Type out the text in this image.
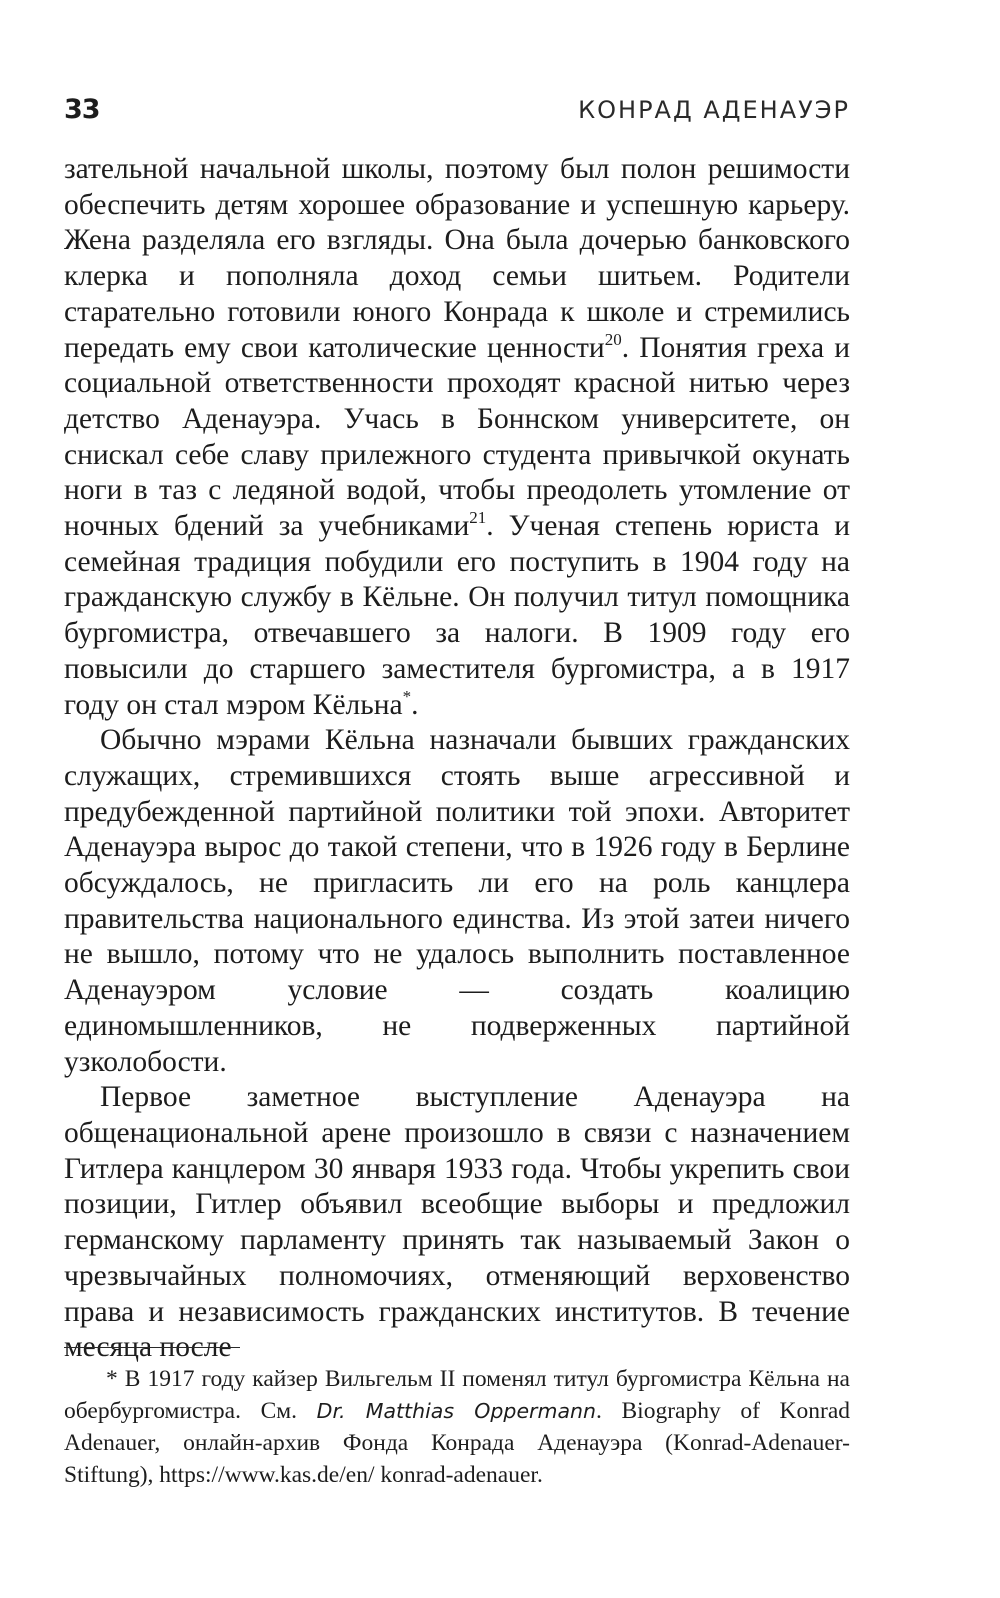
33	КОНРАД АДЕНАУЭР

зательной начальной школы, поэтому был полон решимости обеспечить детям хорошее образование и успешную карьеру. Жена разделяла его взгляды. Она была дочерью банковского клерка и пополняла доход семьи шитьем. Родители старательно готовили юного Конрада к школе и стремились передать ему свои католические ценности$^{20}$. Понятия греха и социальной ответственности проходят красной нитью через детство Аденауэра. Учась в Боннском университете, он снискал себе славу прилежного студента привычкой окунать ноги в таз с ледяной водой, чтобы преодолеть утомление от ночных бдений за учебниками$^{21}$. Ученая степень юриста и семейная традиция побудили его поступить в 1904 году на гражданскую службу в Кёльне. Он получил титул помощника бургомистра, отвечавшего за налоги. В 1909 году его повысили до старшего заместителя бургомистра, а в 1917 году он стал мэром Кёльна*.

Обычно мэрами Кёльна назначали бывших гражданских служащих, стремившихся стоять выше агрессивной и предубежденной партийной политики той эпохи. Авторитет Аденауэра вырос до такой степени, что в 1926 году в Берлине обсуждалось, не пригласить ли его на роль канцлера правительства национального единства. Из этой затеи ничего не вышло, потому что не удалось выполнить поставленное Аденауэром условие — создать коалицию единомышленников, не подверженных партийной узколобости.

Первое заметное выступление Аденауэра на общенациональной арене произошло в связи с назначением Гитлера канцлером 30 января 1933 года. Чтобы укрепить свои позиции, Гитлер объявил всеобщие выборы и предложил германскому парламенту принять так называемый Закон о чрезвычайных полномочиях, отменяющий верховенство права и независимость гражданских институтов. В течение месяца после

* В 1917 году кайзер Вильгельм II поменял титул бургомистра Кёльна на обербургомистра. См. Dr. Matthias Oppermann. Biography of Konrad Adenauer, онлайн-архив Фонда Конрада Аденауэра (Konrad-Adenauer-Stiftung), https://www.kas.de/en/ konrad-adenauer.
